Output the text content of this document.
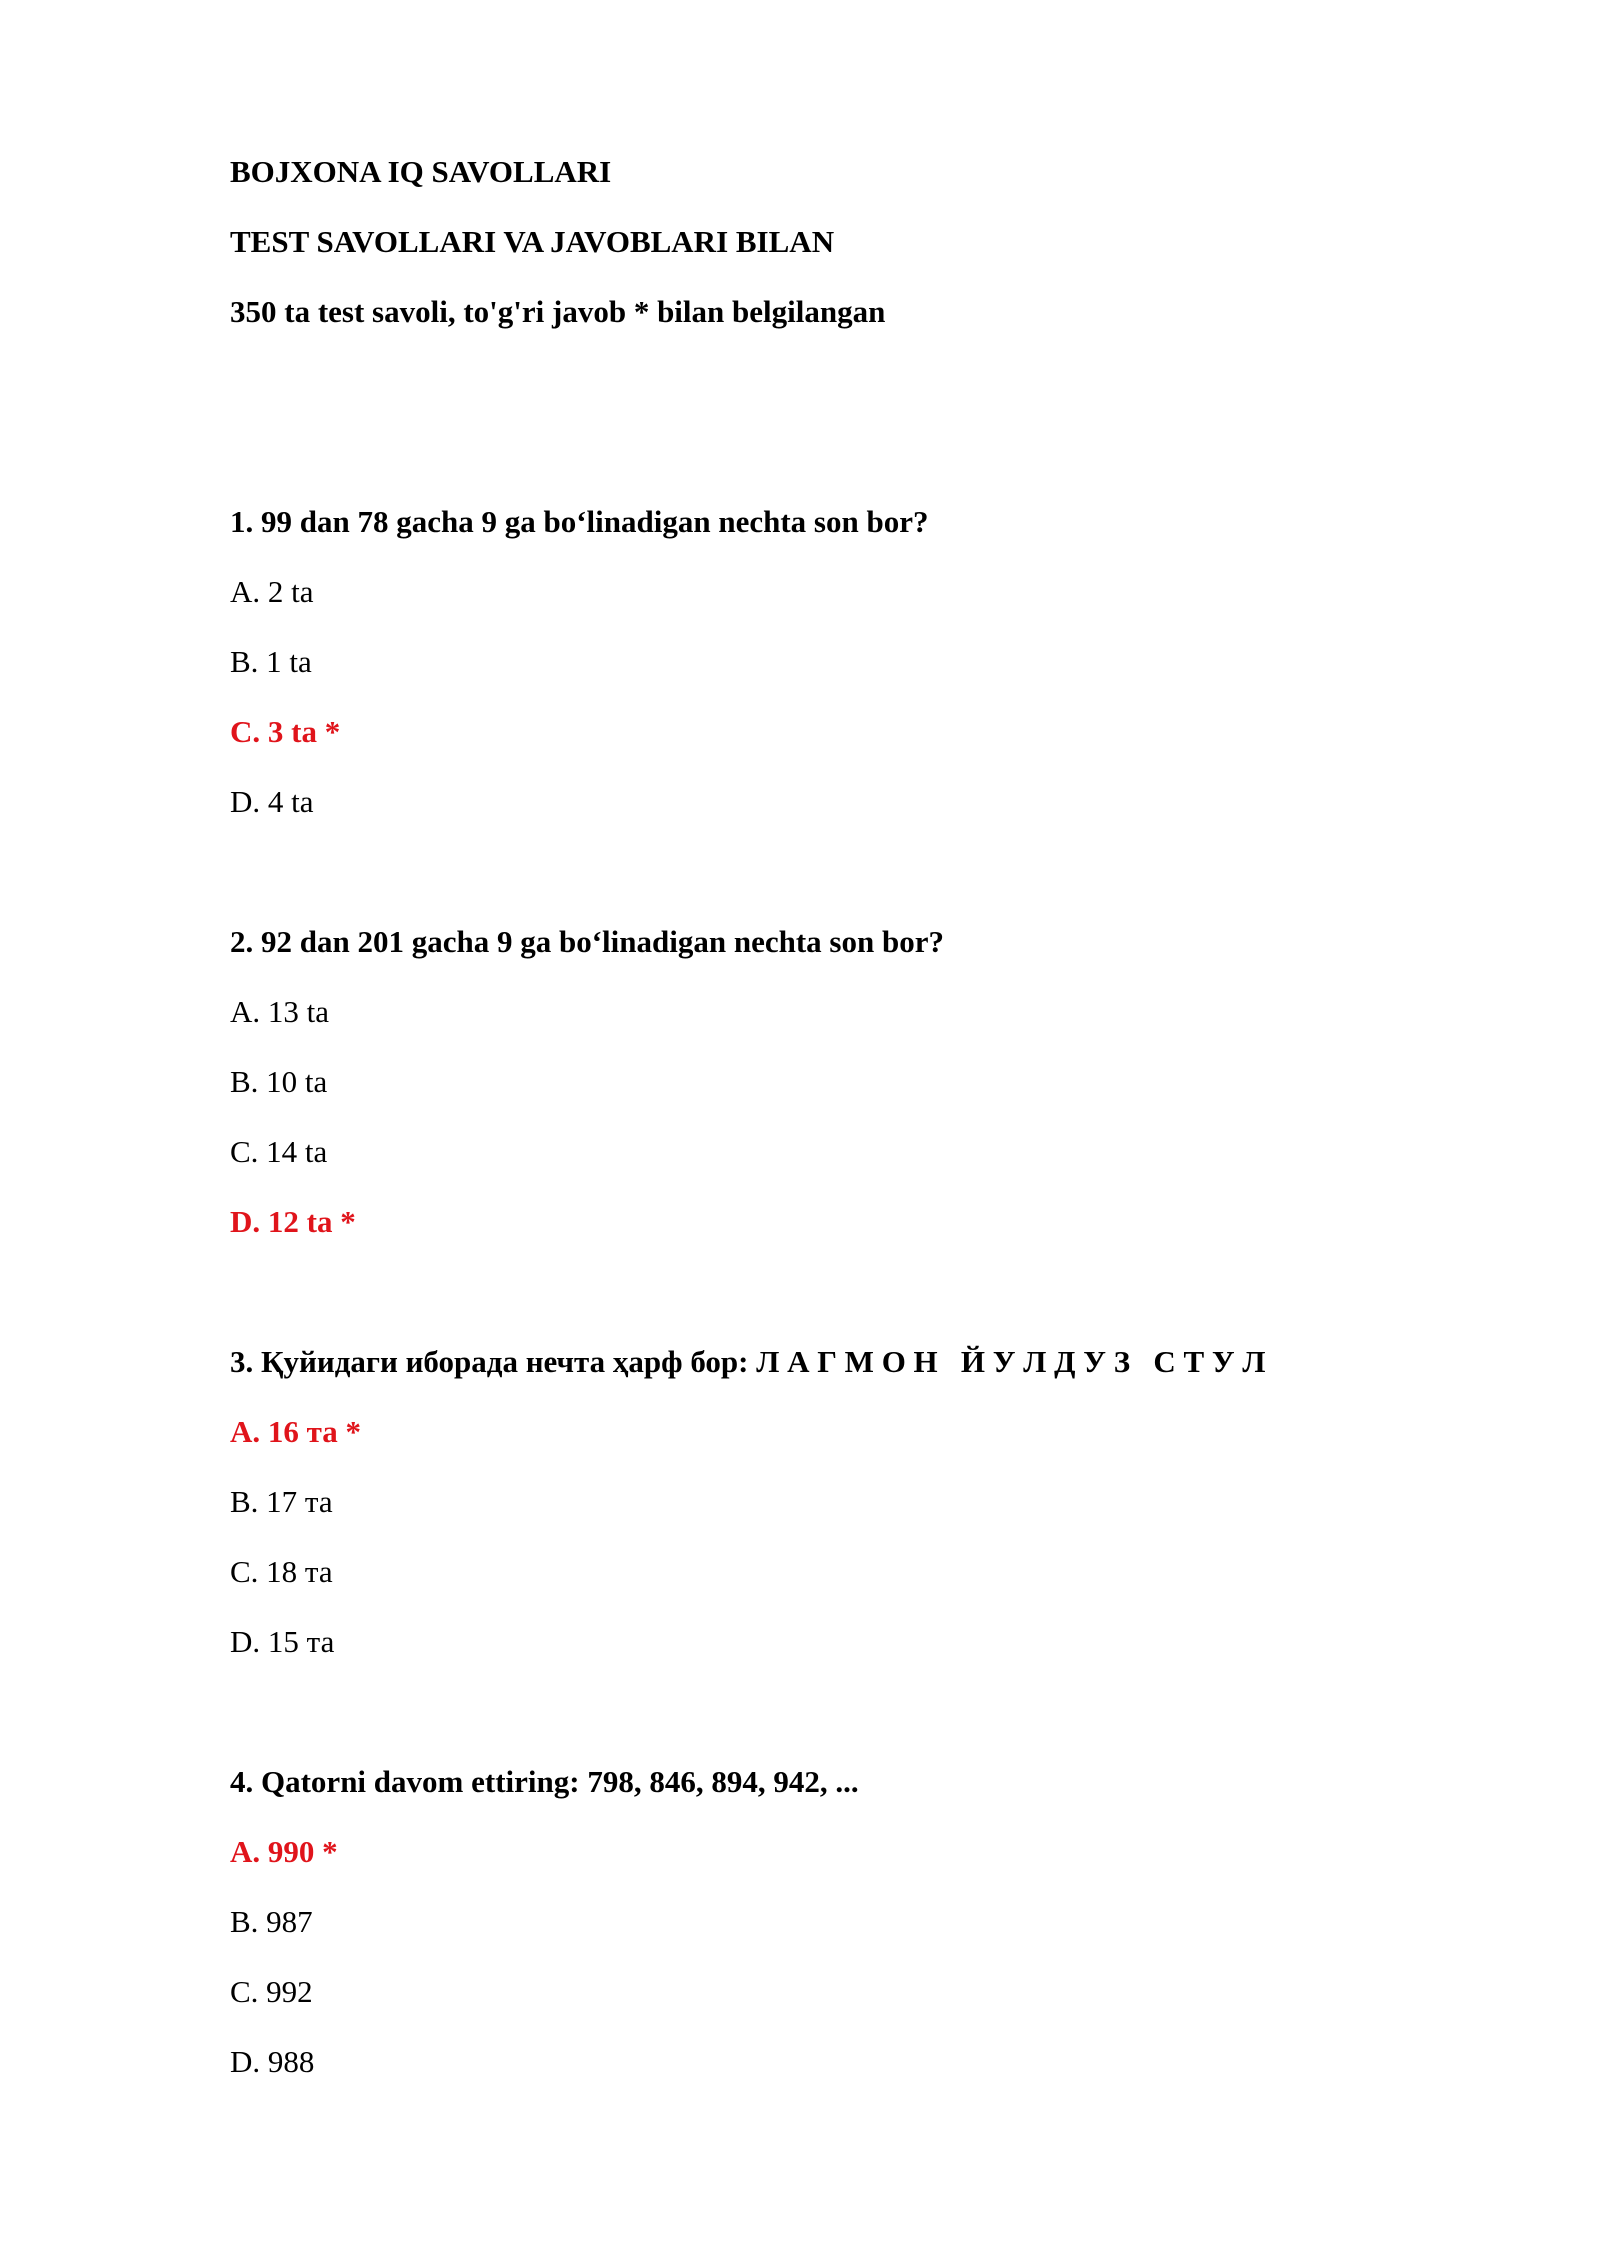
BOJXONA IQ SAVOLLARI
TEST SAVOLLARI VA JAVOBLARI BILAN
350 ta test savoli, to'g'ri javob * bilan belgilangan
1. 99 dan 78 gacha 9 ga bo‘linadigan nechta son bor?
A. 2 ta
B. 1 ta
C. 3 ta *
D. 4 ta
2. 92 dan 201 gacha 9 ga bo‘linadigan nechta son bor?
A. 13 ta
B. 10 ta
C. 14 ta
D. 12 ta *
3. Қуйидаги иборада нечта ҳарф бор: Л А Г М О Н   Й У Л Д У З   С Т У Л
A. 16 та *
B. 17 та
C. 18 та
D. 15 та
4. Qatorni davom ettiring: 798, 846, 894, 942, ...
A. 990 *
B. 987
C. 992
D. 988
